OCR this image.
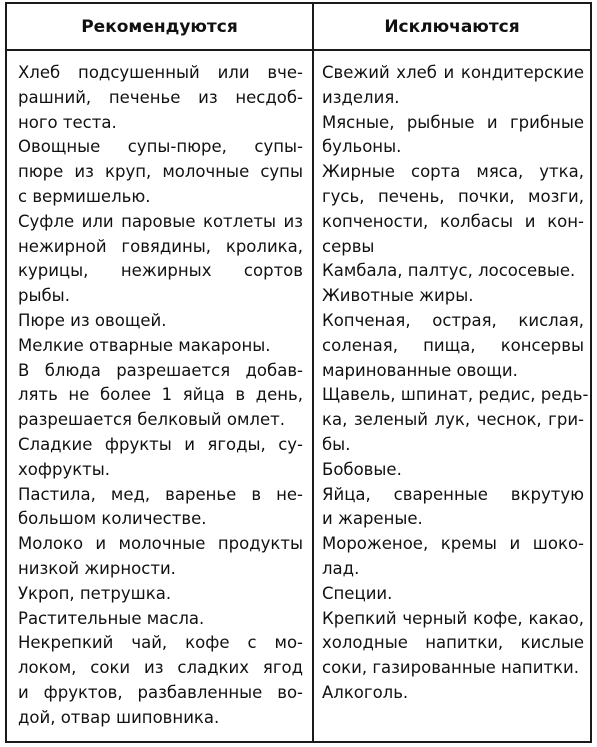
Рекомендуются	Исключаются
Хлеб подсушенный или вче-
рашний, печенье из несдоб-
ного теста.
Овощные супы-пюре, супы-
пюре из круп, молочные супы
с вермишелью.
Суфле или паровые котлеты из
нежирной говядины, кролика,
курицы, нежирных сортов
рыбы.
Пюре из овощей.
Мелкие отварные макароны.
В блюда разрешается добав-
лять не более 1 яйца в день,
разрешается белковый омлет.
Сладкие фрукты и ягоды, су-
хофрукты.
Пастила, мед, варенье в не-
большом количестве.
Молоко и молочные продукты
низкой жирности.
Укроп, петрушка.
Растительные масла.
Некрепкий чай, кофе с мо-
локом, соки из сладких ягод
и фруктов, разбавленные во-
дой, отвар шиповника.
Свежий хлеб и кондитерские
изделия.
Мясные, рыбные и грибные
бульоны.
Жирные сорта мяса, утка,
гусь, печень, почки, мозги,
копчености, колбасы и кон-
сервы
Камбала, палтус, лососевые.
Животные жиры.
Копченая, острая, кислая,
соленая, пища, консервы
маринованные овощи.
Щавель, шпинат, редис, редь-
ка, зеленый лук, чеснок, гри-
бы.
Бобовые.
Яйца, сваренные вкрутую
и жареные.
Мороженое, кремы и шоко-
лад.
Специи.
Крепкий черный кофе, какао,
холодные напитки, кислые
соки, газированные напитки.
Алкоголь.
